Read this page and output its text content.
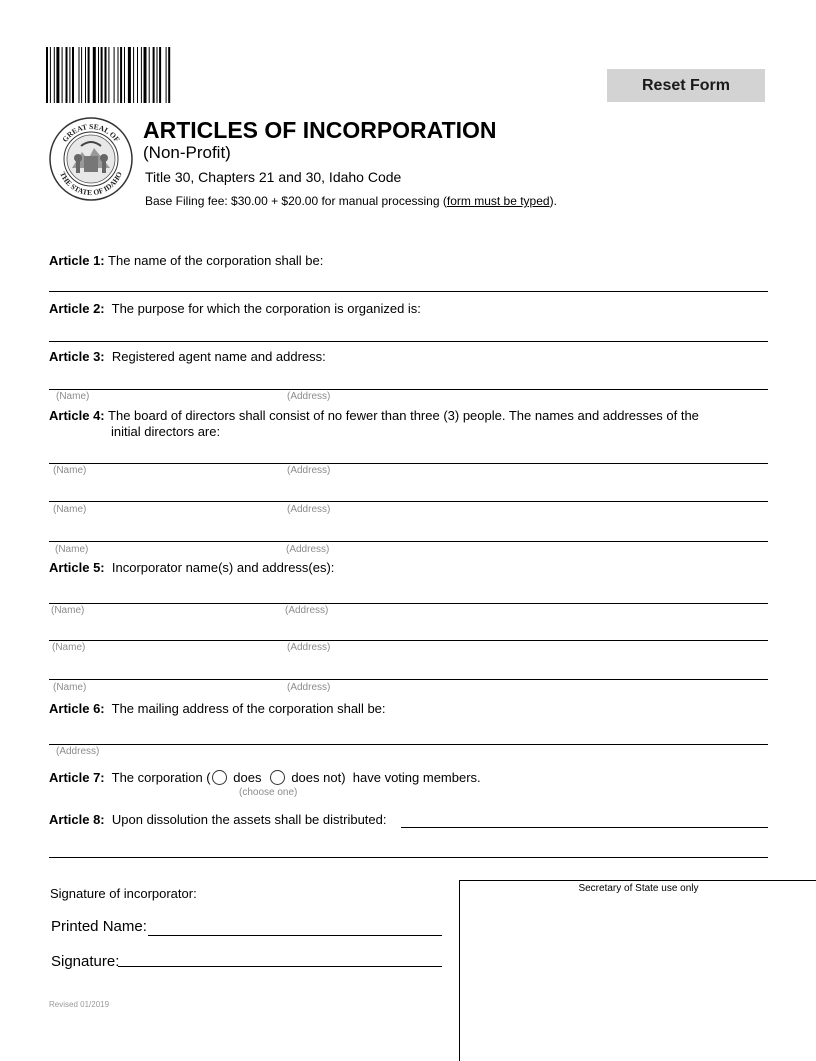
Reset Form
GREAT SEAL OF
THE STATE OF IDAHO
ARTICLES OF INCORPORATION
(Non-Profit)
Title 30, Chapters 21 and 30, Idaho Code
Base Filing fee: $30.00 + $20.00 for manual processing (form must be typed).
Article 1: The name of the corporation shall be:
Article 2: The purpose for which the corporation is organized is:
Article 3: Registered agent name and address:
(Name)	(Address)
Article 4: The board of directors shall consist of no fewer than three (3) people. The names and addresses of the
initial directors are:
(Name)	(Address)
(Name)	(Address)
(Name)	(Address)
Article 5: Incorporator name(s) and address(es):
(Name)	(Address)
(Name)	(Address)
(Name)	(Address)
Article 6: The mailing address of the corporation shall be:
(Address)
Article 7: The corporation ( does does not) have voting members.
(choose one)
Article 8: Upon dissolution the assets shall be distributed:
Signature of incorporator:
Printed Name:
Signature:
Secretary of State use only
Revised 01/2019
